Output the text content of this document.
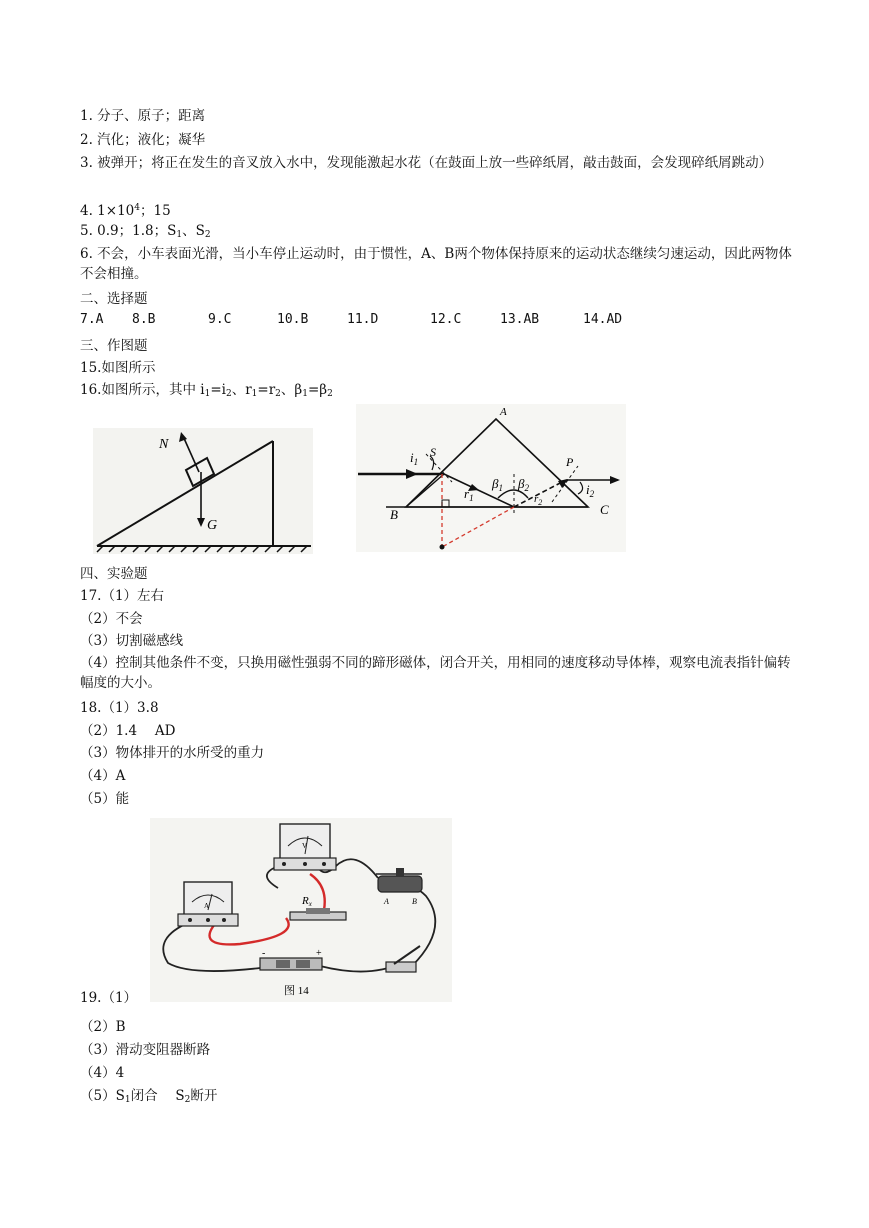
1. 分子、原子；距离
2. 汽化；液化；凝华
3. 被弹开；将正在发生的音叉放入水中，发现能激起水花（在鼓面上放一些碎纸屑，敲击鼓面，会发现碎纸屑跳动）
4. $1\times 10^4$；15
5. 0.9；1.8；$S_1$、$S_2$
6. 不会，小车表面光滑，当小车停止运动时，由于惯性，A、B两个物体保持原来的运动状态继续匀速运动，因此两物体不会相撞。
二、选择题
7.A 8.B	9.C	10.B	11.D	12.C	13.AB	14.AD
三、作图题
15.如图所示
16.如图所示，其中 $i_1=i_2$、$r_1=r_2$、$\beta_1=\beta_2$
N
G
A
B	C
S
P
$i_1$
$r_1$
$\beta_1$ $\beta_2$
$r_2$
$i_2$
四、实验题
17.（1）左右
（2）不会
（3）切割磁感线
（4）控制其他条件不变，只换用磁性强弱不同的蹄形磁体，闭合开关，用相同的速度移动导体棒，观察电流表指针偏转幅度的大小。
18.（1）3.8
（2）1.4　 AD
（3）物体排开的水所受的重力
（4）A
（5）能
A
V
Rx	A	B
-	+
图 14
19.（1）
（2）B
（3）滑动变阻器断路
（4）4
$(5)S_1$闭合　 $S_2$断开
